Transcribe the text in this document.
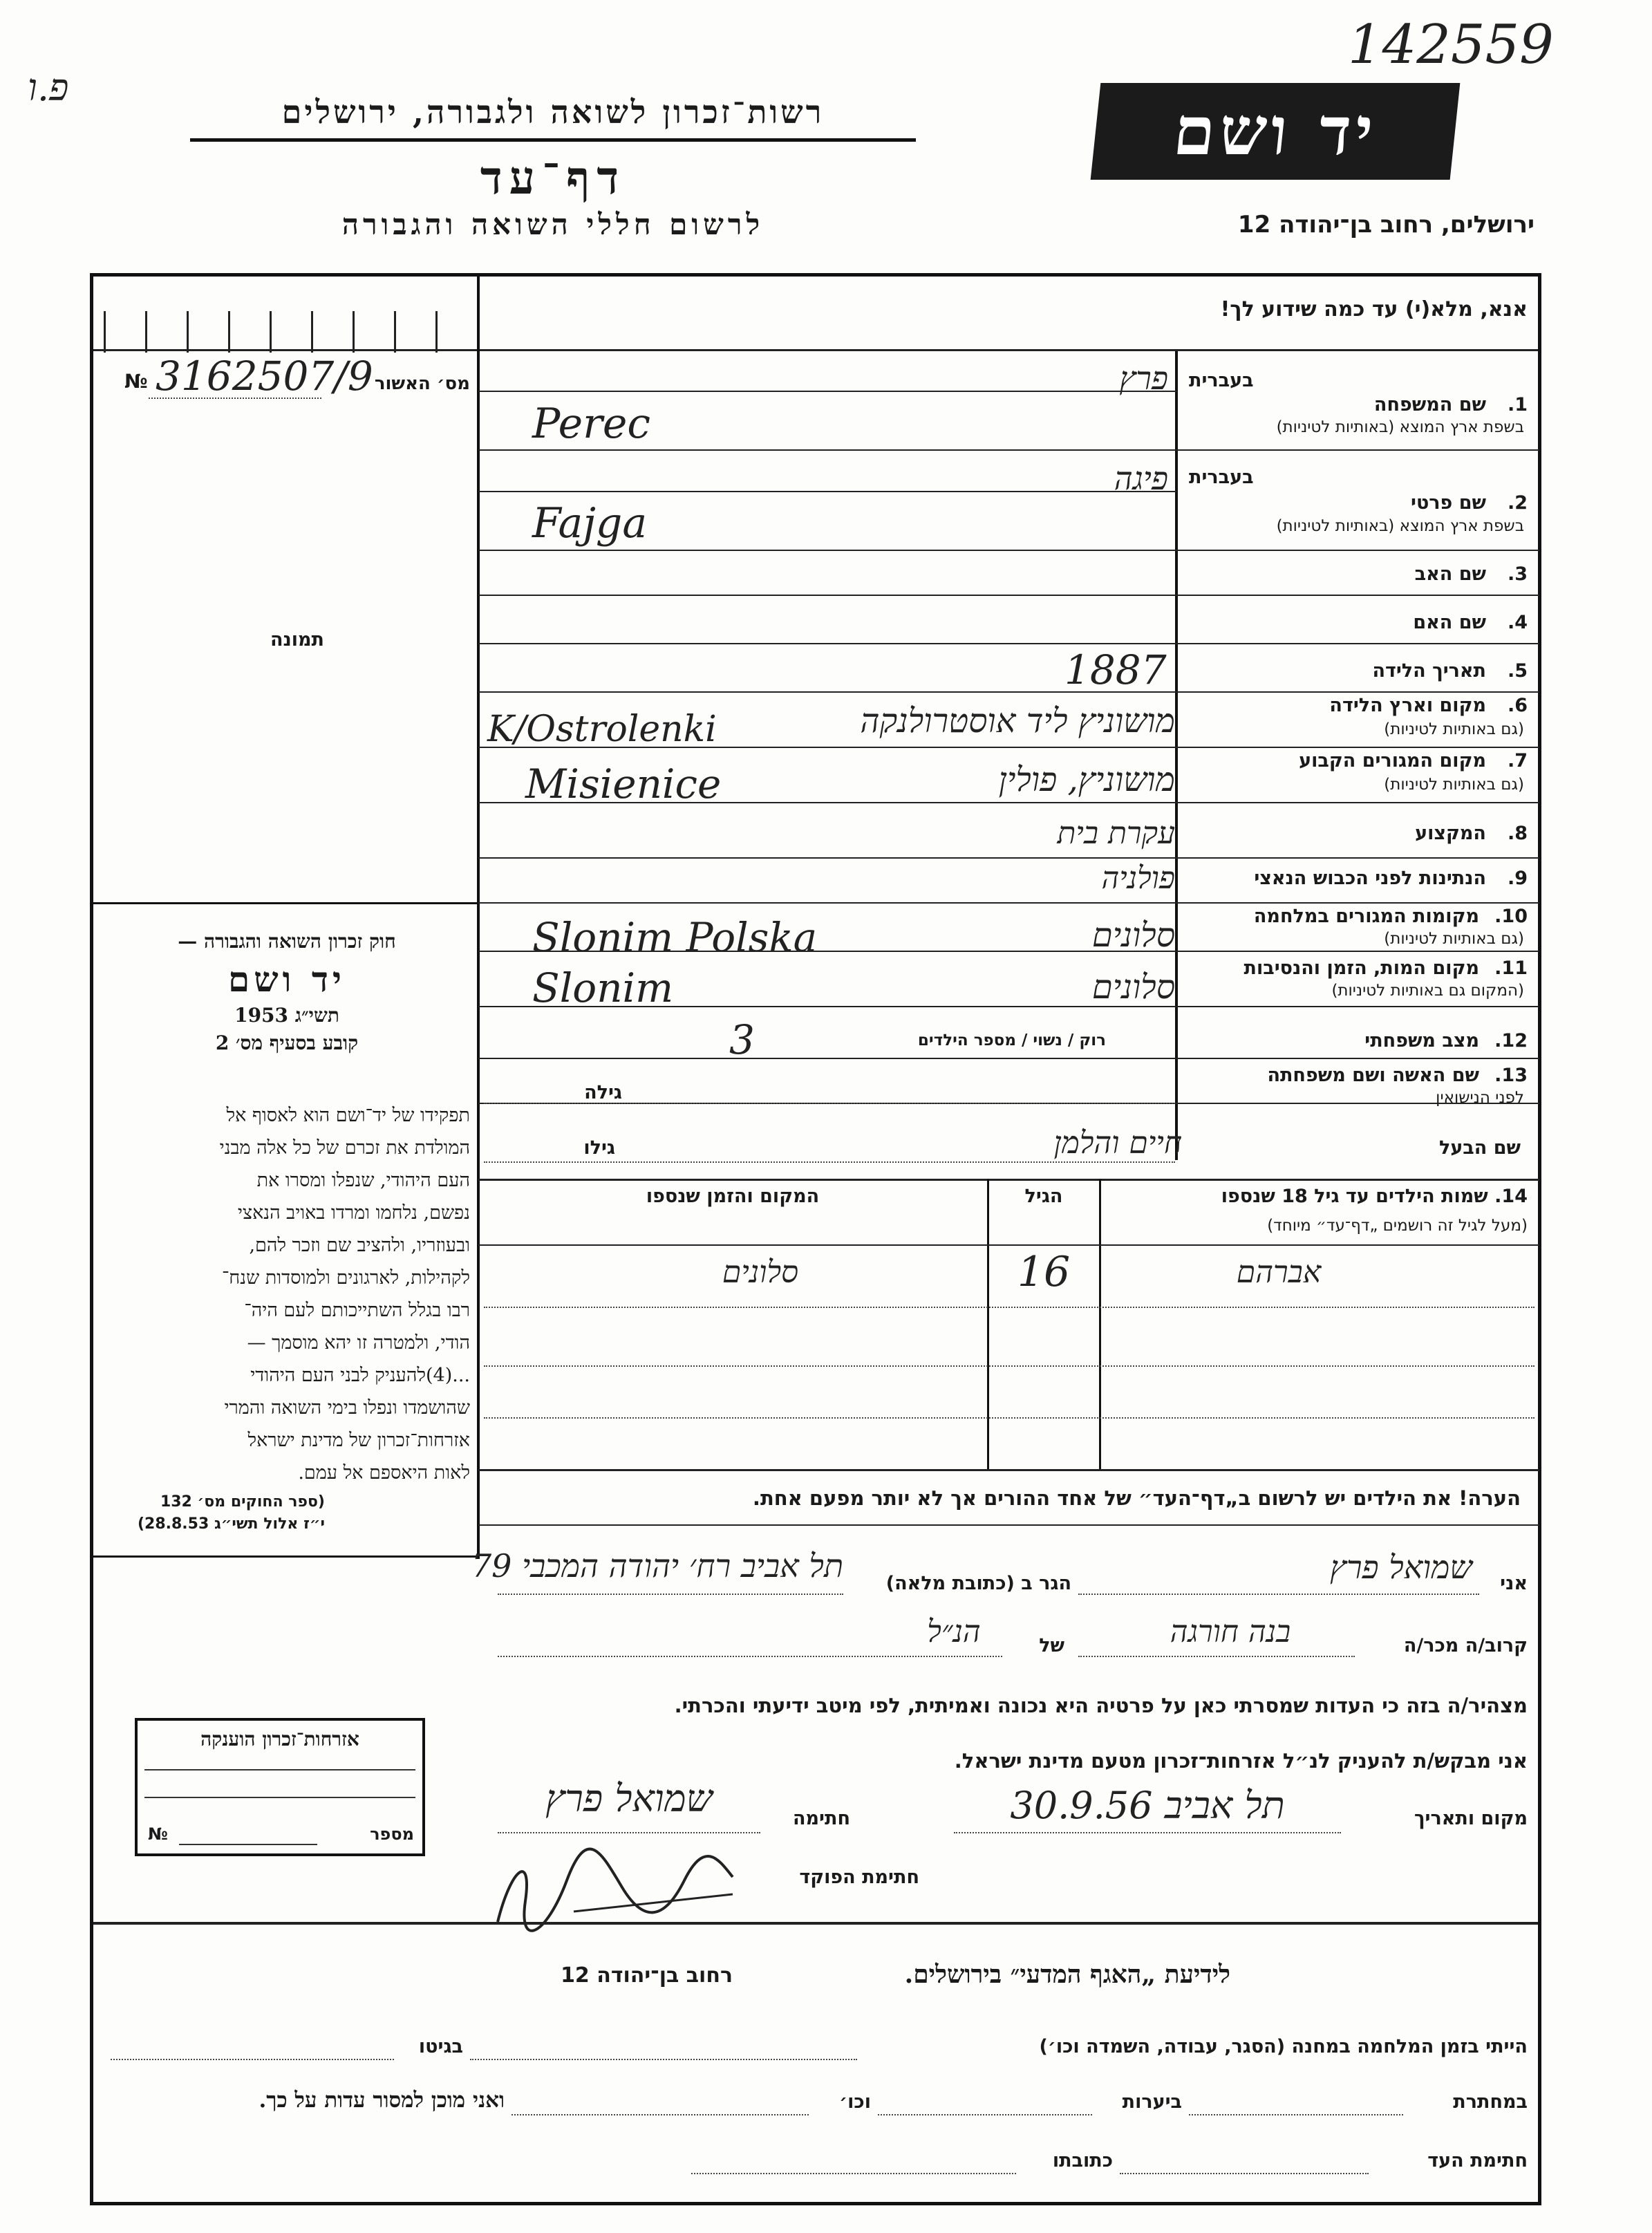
142559
פ.ו
רשות־זכרון לשואה ולגבורה, ירושלים
דף־עד
לרשום חללי השואה והגבורה
יד ושם
ירושלים, רחוב בן־יהודה 12
אנא, מלא(י) עד כמה שידוע לך!
№ 3162507/9 מס׳ האשור
תמונה
1.
שם המשפחה
בשפת ארץ המוצא (באותיות לטיניות)
בעברית
פרץ
Perec
2.
שם פרטי
בשפת ארץ המוצא (באותיות לטיניות)
בעברית
פיגה
Fajga
3.
שם האב
4.
שם האם
5.
תאריך הלידה
1887
6.
מקום וארץ הלידה
(גם באותיות לטיניות)
מושוניץ ליד אוסטרולנקה
K/Ostrolenki
7.
מקום המגורים הקבוע
(גם באותיות לטיניות)
מושוניץ, פולין
Misienice
8.
המקצוע
עקרת בית
9.
הנתינות לפני הכבוש הנאצי
פולניה
10.
מקומות המגורים במלחמה
(גם באותיות לטיניות)
סלונים
Slonim Polska
11.
מקום המות, הזמן והנסיבות
(המקום גם באותיות לטיניות)
סלונים
Slonim
12.
מצב משפחתי
רוק / נשוי / מספר הילדים
3
13.
שם האשה ושם משפחתה
לפני הנישואין
גילה
שם הבעל
חיים והלמן
גילו
14. שמות הילדים עד גיל 18 שנספו
(מעל לגיל זה רושמים „דף־עד״ מיוחד)
הגיל
המקום והזמן שנספו
אברהם
16
סלונים
הערה! את הילדים יש לרשום ב„דף־העד״ של אחד ההורים אך לא יותר מפעם אחת.
חוק זכרון השואה והגבורה —
יד ושם
תשי״ג 1953
קובע בסעיף מס׳ 2
תפקידו של יד־ושם הוא לאסוף אל
המולדת את זכרם של כל אלה מבני
העם היהודי, שנפלו ומסרו את
נפשם, נלחמו ומרדו באויב הנאצי
ובעוזריו, ולהציב שם וזכר להם,
לקהילות, לארגונים ולמוסדות שנח־
רבו בגלל השתייכותם לעם היה־
הודי, ולמטרה זו יהא מוסמך —
...(4)להעניק לבני העם היהודי
שהושמדו ונפלו בימי השואה והמרי
אזרחות־זכרון של מדינת ישראל
לאות היאספם אל עמם.
(ספר החוקים מס׳ 132
י״ז אלול תשי״ג 28.8.53)
אני
שמואל פרץ
הגר ב (כתובת מלאה)
תל אביב רח׳ יהודה המכבי 79
קרוב/ה מכר/ה
בנה חורגה
של
הנ״ל
מצהיר/ה בזה כי העדות שמסרתי כאן על פרטיה היא נכונה ואמיתית, לפי מיטב ידיעתי והכרתי.
אני מבקש/ת להעניק לנ״ל אזרחות־זכרון מטעם מדינת ישראל.
מקום ותאריך
תל אביב 30.9.56
חתימה
שמואל פרץ
חתימת הפוקד
אזרחות־זכרון הוענקה
№	מספר
לידיעת „האגף המדעי״ בירושלים.
רחוב בן־יהודה 12
הייתי בזמן המלחמה במחנה (הסגר, עבודה, השמדה וכו׳)
בגיטו
במחתרת
ביערות
וכו׳
ואני מוכן למסור עדות על כך.
חתימת העד
כתובתו
